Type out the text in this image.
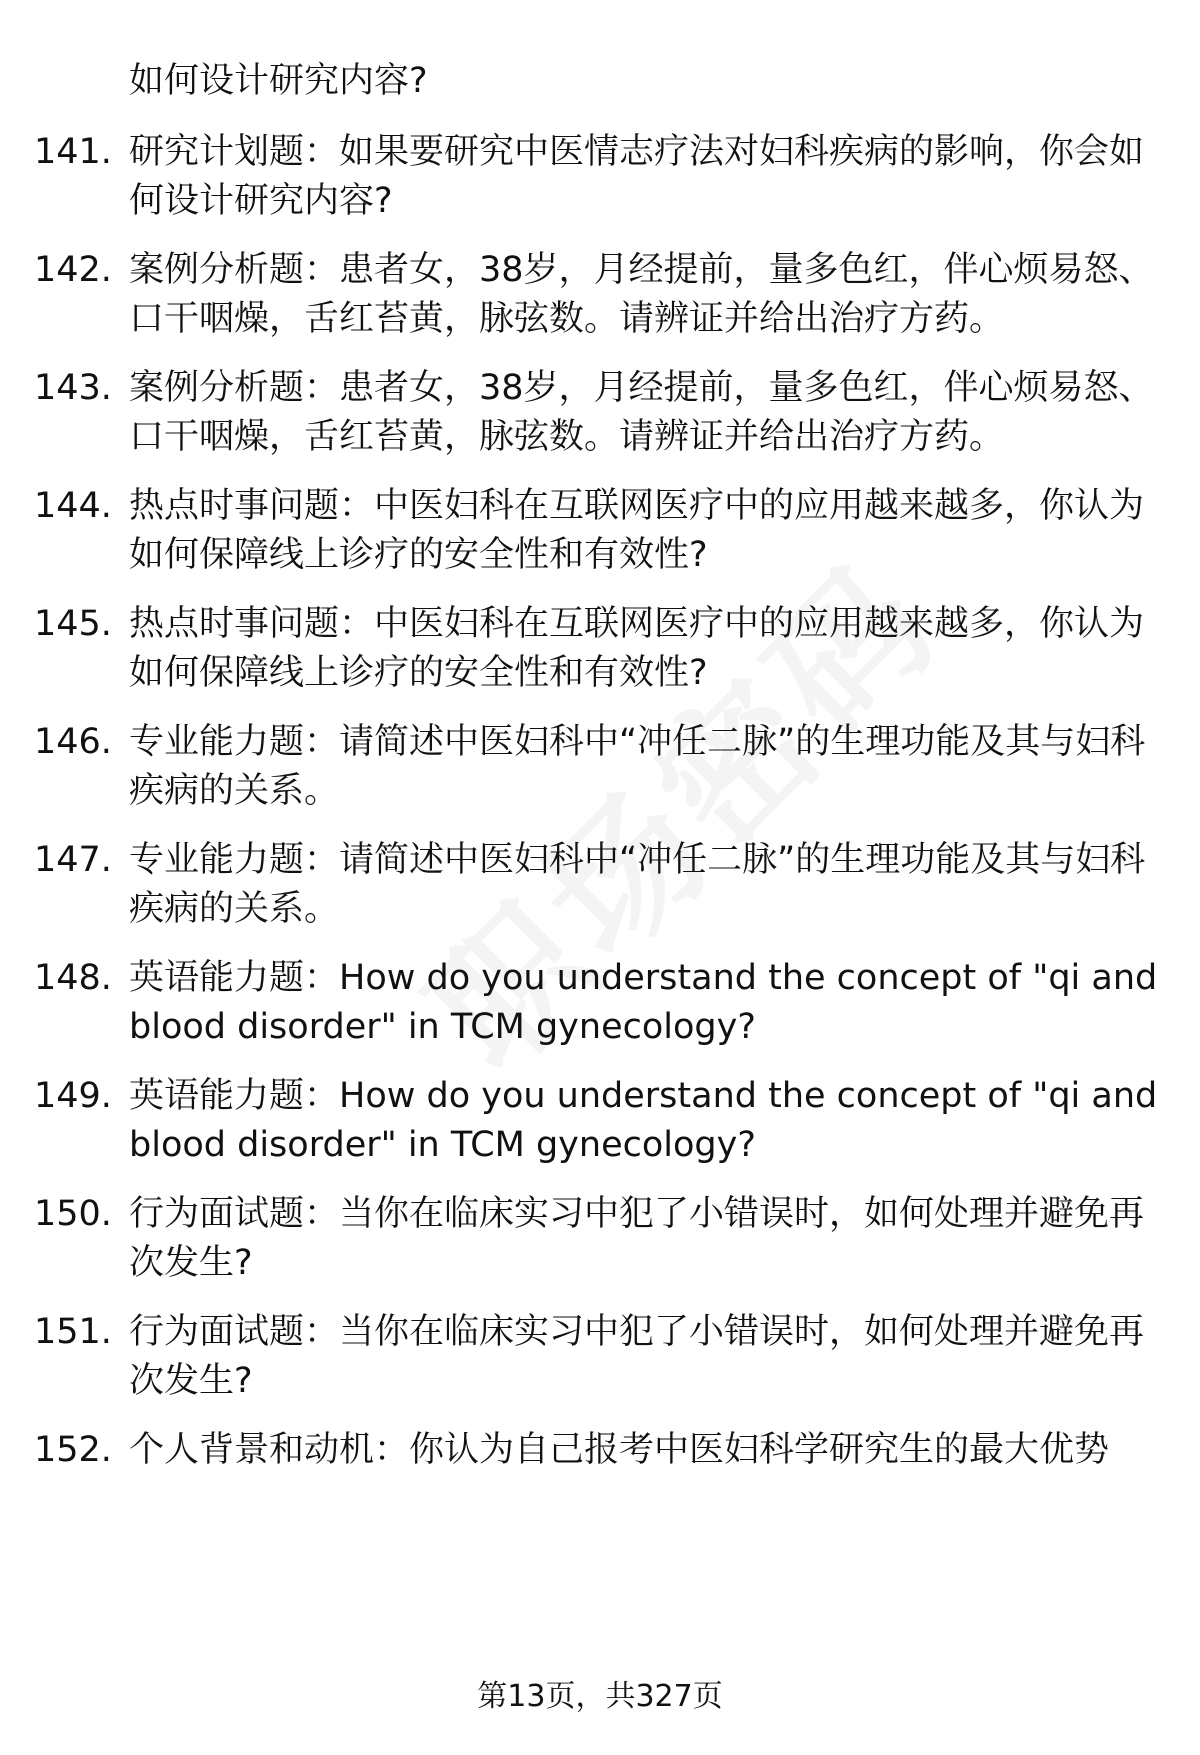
如何设计研究内容?
141. 研究计划题：如果要研究中医情志疗法对妇科疾病的影响，你会如何设计研究内容?
142. 案例分析题：患者女，38岁，月经提前，量多色红，伴心烦易怒、口干咽燥，舌红苔黄，脉弦数。请辨证并给出治疗方药。
143. 案例分析题：患者女，38岁，月经提前，量多色红，伴心烦易怒、口干咽燥，舌红苔黄，脉弦数。请辨证并给出治疗方药。
144. 热点时事问题：中医妇科在互联网医疗中的应用越来越多，你认为如何保障线上诊疗的安全性和有效性?
145. 热点时事问题：中医妇科在互联网医疗中的应用越来越多，你认为如何保障线上诊疗的安全性和有效性?
146. 专业能力题：请简述中医妇科中“冲任二脉”的生理功能及其与妇科疾病的关系。
147. 专业能力题：请简述中医妇科中“冲任二脉”的生理功能及其与妇科疾病的关系。
148. 英语能力题：How do you understand the concept of "qi and blood disorder" in TCM gynecology?
149. 英语能力题：How do you understand the concept of "qi and blood disorder" in TCM gynecology?
150. 行为面试题：当你在临床实习中犯了小错误时，如何处理并避免再次发生?
151. 行为面试题：当你在临床实习中犯了小错误时，如何处理并避免再次发生?
152. 个人背景和动机：你认为自己报考中医妇科学研究生的最大优势
第13页，共327页
